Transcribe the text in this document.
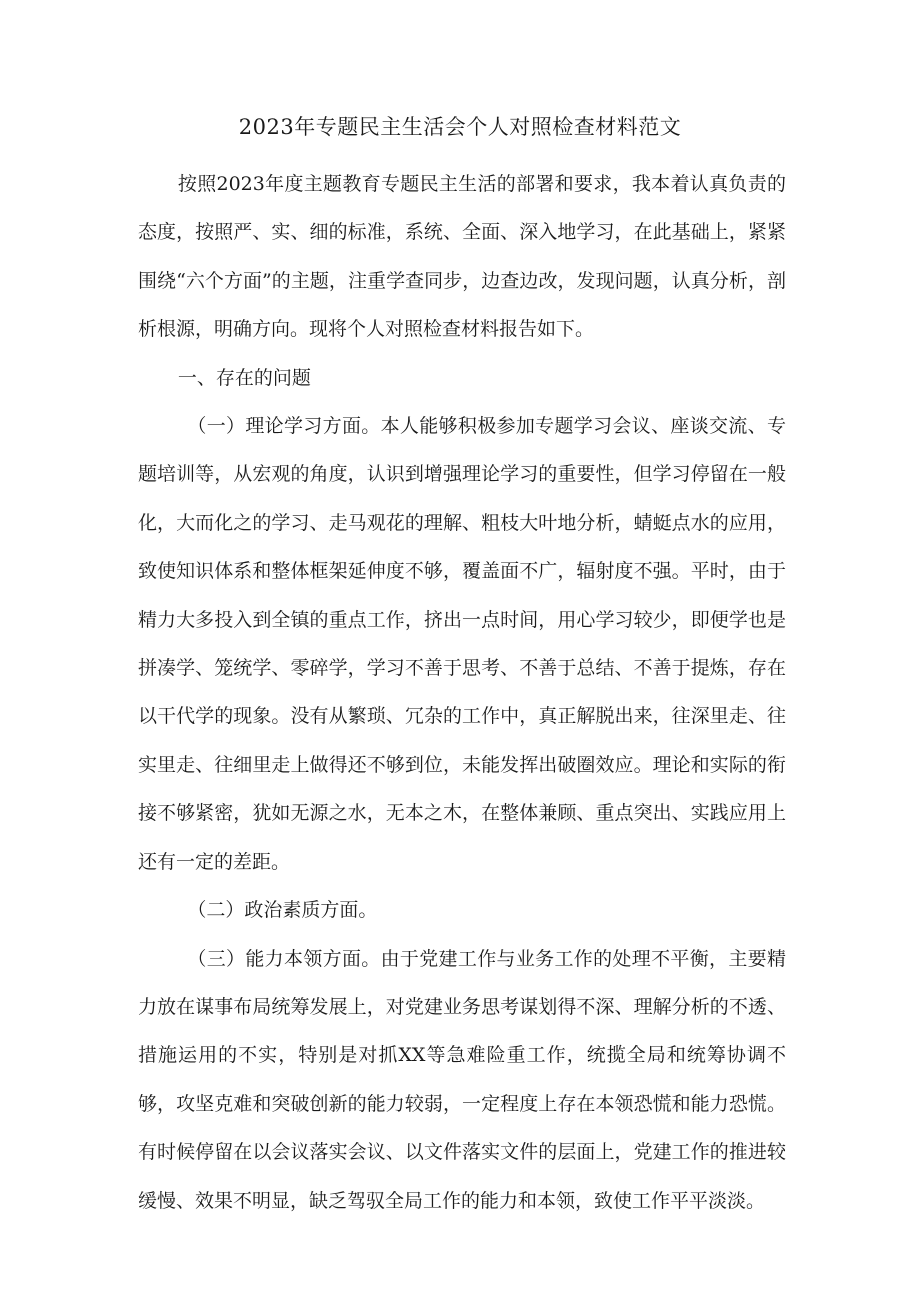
2023年专题民主生活会个人对照检查材料范文

按照2023年度主题教育专题民主生活的部署和要求，我本着认真负责的态度，按照严、实、细的标准，系统、全面、深入地学习，在此基础上，紧紧围绕“六个方面”的主题，注重学查同步，边查边改，发现问题，认真分析，剖析根源，明确方向。现将个人对照检查材料报告如下。

一、存在的问题

（一）理论学习方面。本人能够积极参加专题学习会议、座谈交流、专题培训等，从宏观的角度，认识到增强理论学习的重要性，但学习停留在一般化，大而化之的学习、走马观花的理解、粗枝大叶地分析，蜻蜓点水的应用，致使知识体系和整体框架延伸度不够，覆盖面不广，辐射度不强。平时，由于精力大多投入到全镇的重点工作，挤出一点时间，用心学习较少，即便学也是拼凑学、笼统学、零碎学，学习不善于思考、不善于总结、不善于提炼，存在以干代学的现象。没有从繁琐、冗杂的工作中，真正解脱出来，往深里走、往实里走、往细里走上做得还不够到位，未能发挥出破圈效应。理论和实际的衔接不够紧密，犹如无源之水，无本之木，在整体兼顾、重点突出、实践应用上还有一定的差距。

（二）政治素质方面。

（三）能力本领方面。由于党建工作与业务工作的处理不平衡，主要精力放在谋事布局统筹发展上，对党建业务思考谋划得不深、理解分析的不透、措施运用的不实，特别是对抓XX等急难险重工作，统揽全局和统筹协调不够，攻坚克难和突破创新的能力较弱，一定程度上存在本领恐慌和能力恐慌。有时候停留在以会议落实会议、以文件落实文件的层面上，党建工作的推进较缓慢、效果不明显，缺乏驾驭全局工作的能力和本领，致使工作平平淡淡。
